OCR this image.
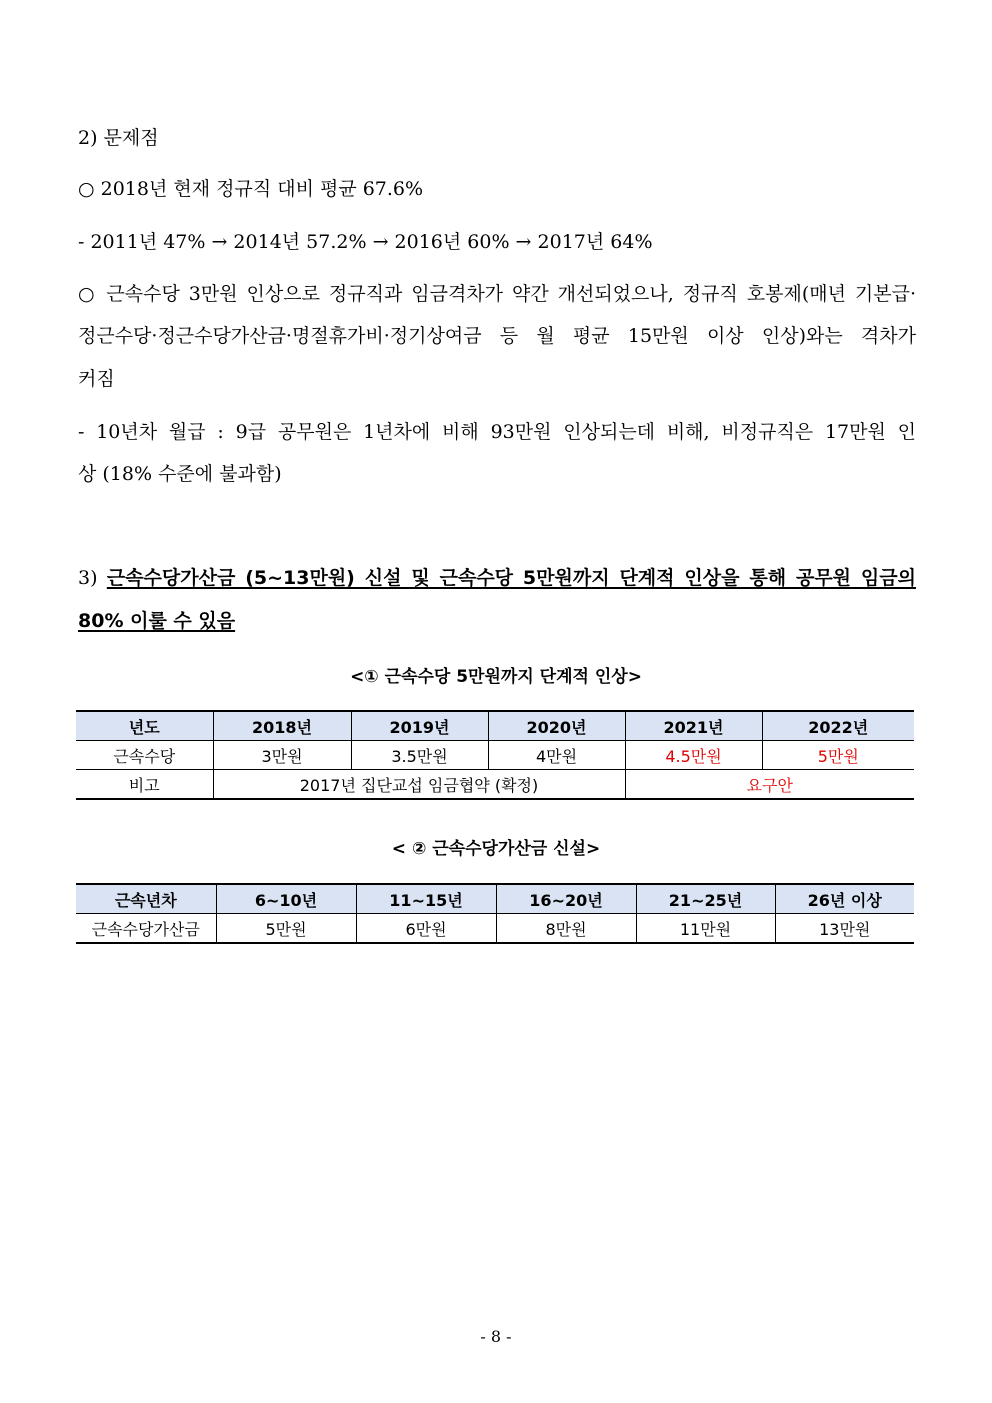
2) 문제점
○ 2018년 현재 정규직 대비 평균 67.6%
- 2011년 47% → 2014년 57.2% → 2016년 60% → 2017년 64%
○ 근속수당 3만원 인상으로 정규직과 임금격차가 약간 개선되었으나, 정규직 호봉제(매년 기본급·
정근수당·정근수당가산금·명절휴가비·정기상여금 등 월 평균 15만원 이상 인상)와는 격차가
커짐
- 10년차 월급 : 9급 공무원은 1년차에 비해 93만원 인상되는데 비해, 비정규직은 17만원 인
상 (18% 수준에 불과함)
3) 근속수당가산금 (5~13만원) 신설 및 근속수당 5만원까지 단계적 인상을 통해 공무원 임금의
80% 이룰 수 있음
<① 근속수당 5만원까지 단계적 인상>
년도	2018년	2019년	2020년	2021년	2022년
근속수당	3만원	3.5만원	4만원	4.5만원	5만원
비고	2017년 집단교섭 임금협약 (확정)			요구안	
< ② 근속수당가산금 신설>
근속년차	6~10년	11~15년	16~20년	21~25년	26년 이상
근속수당가산금	5만원	6만원	8만원	11만원	13만원
- 8 -
